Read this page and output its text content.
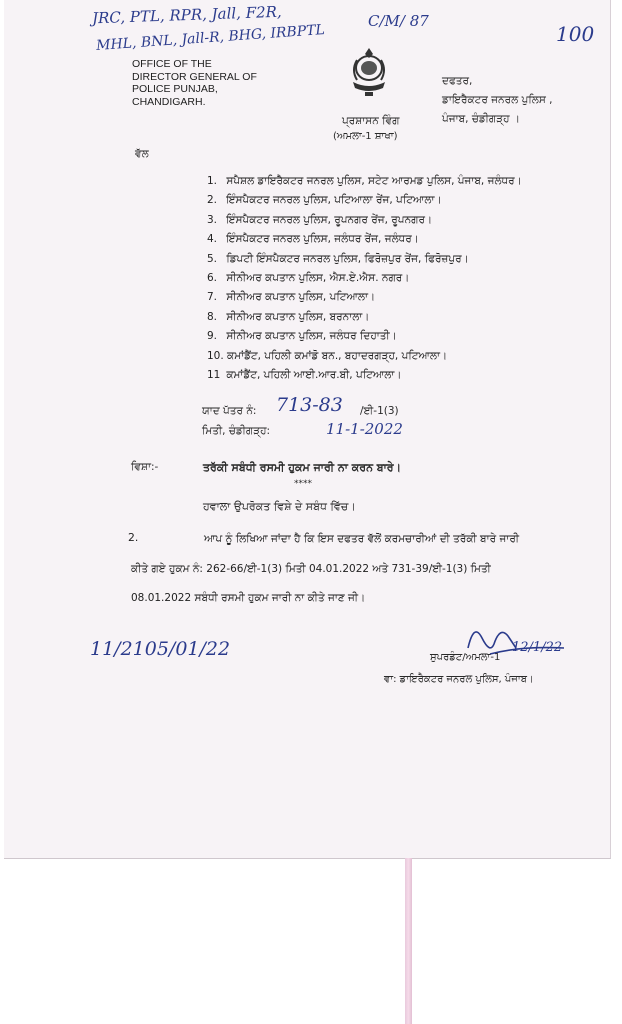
JRC, PTL, RPR, Jall, F2R,
MHL, BNL, Jall-R, BHG, IRBPTL
C/M/ 87
100
OFFICE OF THE
DIRECTOR GENERAL OF
POLICE PUNJAB,
CHANDIGARH.
ਪ੍ਰਸ਼ਾਸਨ ਵਿੰਗ
(ਅਮਲਾ-1 ਸ਼ਾਖਾ)
ਦਫਤਰ,
ਡਾਇਰੈਕਟਰ ਜਨਰਲ ਪੁਲਿਸ ,
ਪੰਜਾਬ, ਚੰਡੀਗੜ੍ਹ ।
ਵੱਲ
1. ਸਪੈਸ਼ਲ ਡਾਇਰੈਕਟਰ ਜਨਰਲ ਪੁਲਿਸ, ਸਟੇਟ ਆਰਮਡ ਪੁਲਿਸ, ਪੰਜਾਬ, ਜਲੰਧਰ।
2. ਇੰਸਪੈਕਟਰ ਜਨਰਲ ਪੁਲਿਸ, ਪਟਿਆਲਾ ਰੇਂਜ, ਪਟਿਆਲਾ।
3. ਇੰਸਪੈਕਟਰ ਜਨਰਲ ਪੁਲਿਸ, ਰੂਪਨਗਰ ਰੇਂਜ, ਰੂਪਨਗਰ।
4. ਇੰਸਪੈਕਟਰ ਜਨਰਲ ਪੁਲਿਸ, ਜਲੰਧਰ ਰੇਂਜ, ਜਲੰਧਰ।
5. ਡਿਪਟੀ ਇੰਸਪੈਕਟਰ ਜਨਰਲ ਪੁਲਿਸ, ਫਿਰੋਜ਼ਪੁਰ ਰੇਂਜ, ਫਿਰੋਜ਼ਪੁਰ।
6. ਸੀਨੀਅਰ ਕਪਤਾਨ ਪੁਲਿਸ, ਐਸ.ਏ.ਐਸ. ਨਗਰ।
7. ਸੀਨੀਅਰ ਕਪਤਾਨ ਪੁਲਿਸ, ਪਟਿਆਲਾ।
8. ਸੀਨੀਅਰ ਕਪਤਾਨ ਪੁਲਿਸ, ਬਰਨਾਲਾ।
9. ਸੀਨੀਅਰ ਕਪਤਾਨ ਪੁਲਿਸ, ਜਲੰਧਰ ਦਿਹਾਤੀ।
10. ਕਮਾਂਡੈਂਟ, ਪਹਿਲੀ ਕਮਾਂਡੋ ਬਨ., ਬਹਾਦਰਗੜ੍ਹ, ਪਟਿਆਲਾ।
11 ਕਮਾਂਡੈਂਟ, ਪਹਿਲੀ ਆਈ.ਆਰ.ਬੀ, ਪਟਿਆਲਾ।
ਯਾਦ ਪੱਤਰ ਨੰ: 713-83 /ਈ-1(3)
ਮਿਤੀ, ਚੰਡੀਗੜ੍ਹ:	11-1-2022
ਵਿਸ਼ਾ:-	ਤਰੱਕੀ ਸਬੰਧੀ ਰਸਮੀ ਹੁਕਮ ਜਾਰੀ ਨਾ ਕਰਨ ਬਾਰੇ।
****
ਹਵਾਲਾ ਉਪਰੋਕਤ ਵਿਸ਼ੇ ਦੇ ਸਬੰਧ ਵਿੱਚ।
2.	ਆਪ ਨੂੰ ਲਿਖਿਆ ਜਾਂਦਾ ਹੈ ਕਿ ਇਸ ਦਫਤਰ ਵੱਲੋਂ ਕਰਮਚਾਰੀਆਂ ਦੀ ਤਰੱਕੀ ਬਾਰੇ ਜਾਰੀ
ਕੀਤੇ ਗਏ ਹੁਕਮ ਨੰ: 262-66/ਈ-1(3) ਮਿਤੀ 04.01.2022 ਅਤੇ 731-39/ਈ-1(3) ਮਿਤੀ
08.01.2022 ਸਬੰਧੀ ਰਸਮੀ ਹੁਕਮ ਜਾਰੀ ਨਾ ਕੀਤੇ ਜਾਣ ਜੀ।
11/2105/01/22	12/1/22
ਸੁਪਰਡੰਟ/ਅਮਲਾ-1
ਵਾ: ਡਾਇਰੈਕਟਰ ਜਨਰਲ ਪੁਲਿਸ, ਪੰਜਾਬ।
